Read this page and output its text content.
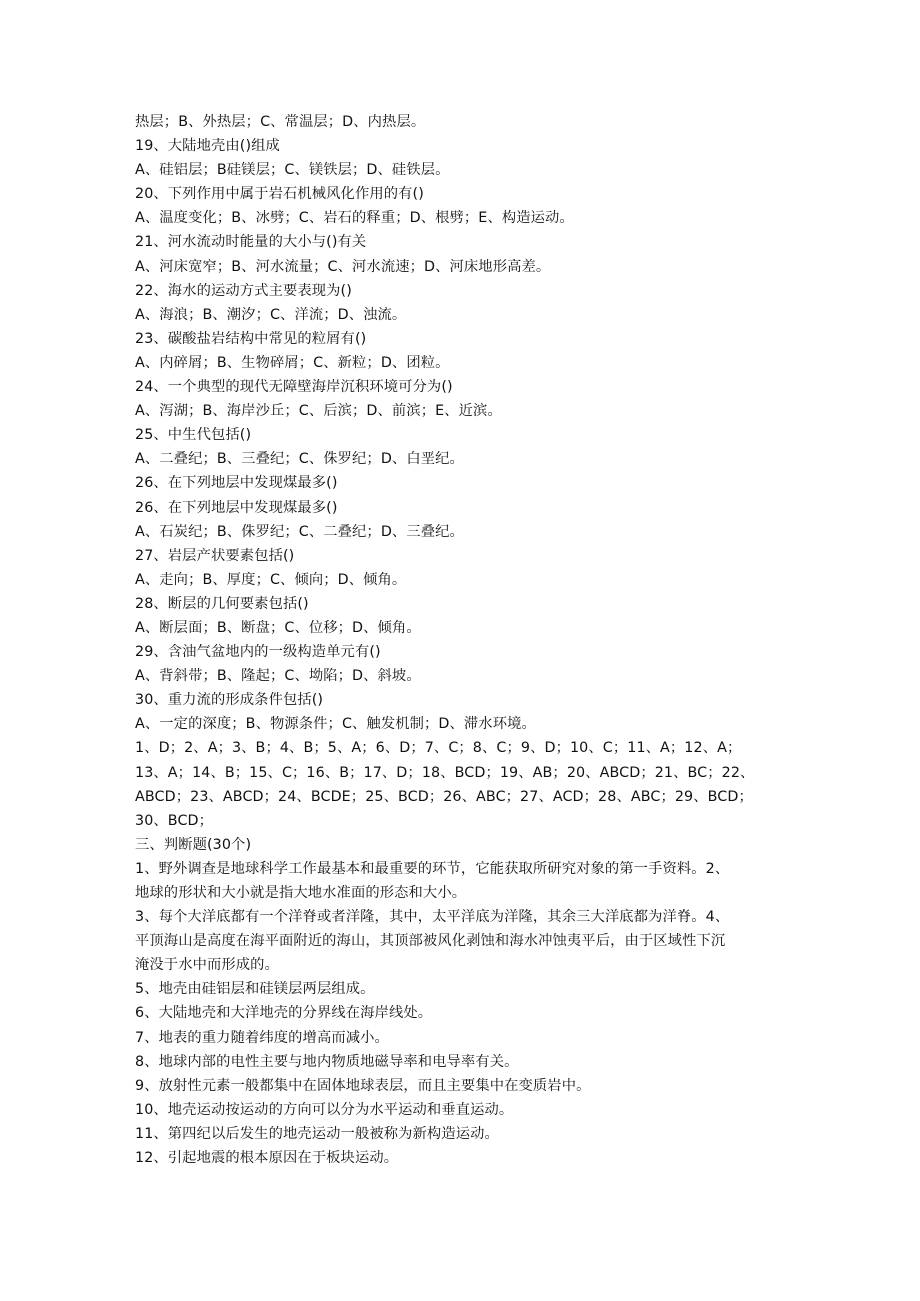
热层；B、外热层；C、常温层；D、内热层。
19、大陆地壳由()组成
A、硅铝层；B硅镁层；C、镁铁层；D、硅铁层。
20、下列作用中属于岩石机械风化作用的有()
A、温度变化；B、冰劈；C、岩石的释重；D、根劈；E、构造运动。
21、河水流动时能量的大小与()有关
A、河床宽窄；B、河水流量；C、河水流速；D、河床地形高差。
22、海水的运动方式主要表现为()
A、海浪；B、潮汐；C、洋流；D、浊流。
23、碳酸盐岩结构中常见的粒屑有()
A、内碎屑；B、生物碎屑；C、新粒；D、团粒。
24、一个典型的现代无障壁海岸沉积环境可分为()
A、泻湖；B、海岸沙丘；C、后滨；D、前滨；E、近滨。
25、中生代包括()
A、二叠纪；B、三叠纪；C、侏罗纪；D、白垩纪。
26、在下列地层中发现煤最多()
26、在下列地层中发现煤最多()
A、石炭纪；B、侏罗纪；C、二叠纪；D、三叠纪。
27、岩层产状要素包括()
A、走向；B、厚度；C、倾向；D、倾角。
28、断层的几何要素包括()
A、断层面；B、断盘；C、位移；D、倾角。
29、含油气盆地内的一级构造单元有()
A、背斜带；B、隆起；C、坳陷；D、斜坡。
30、重力流的形成条件包括()
A、一定的深度；B、物源条件；C、触发机制；D、滞水环境。
1、D；2、A；3、B；4、B；5、A；6、D；7、C；8、C；9、D；10、C；11、A；12、A；
13、A；14、B；15、C；16、B；17、D；18、BCD；19、AB；20、ABCD；21、BC；22、
ABCD；23、ABCD；24、BCDE；25、BCD；26、ABC；27、ACD；28、ABC；29、BCD；
30、BCD；
三、判断题(30个)
1、野外调查是地球科学工作最基本和最重要的环节，它能获取所研究对象的第一手资料。2、
地球的形状和大小就是指大地水准面的形态和大小。
3、每个大洋底都有一个洋脊或者洋隆，其中，太平洋底为洋隆，其余三大洋底都为洋脊。4、
平顶海山是高度在海平面附近的海山，其顶部被风化剥蚀和海水冲蚀夷平后，由于区域性下沉
淹没于水中而形成的。
5、地壳由硅铝层和硅镁层两层组成。
6、大陆地壳和大洋地壳的分界线在海岸线处。
7、地表的重力随着纬度的增高而减小。
8、地球内部的电性主要与地内物质地磁导率和电导率有关。
9、放射性元素一般都集中在固体地球表层，而且主要集中在变质岩中。
10、地壳运动按运动的方向可以分为水平运动和垂直运动。
11、第四纪以后发生的地壳运动一般被称为新构造运动。
12、引起地震的根本原因在于板块运动。
